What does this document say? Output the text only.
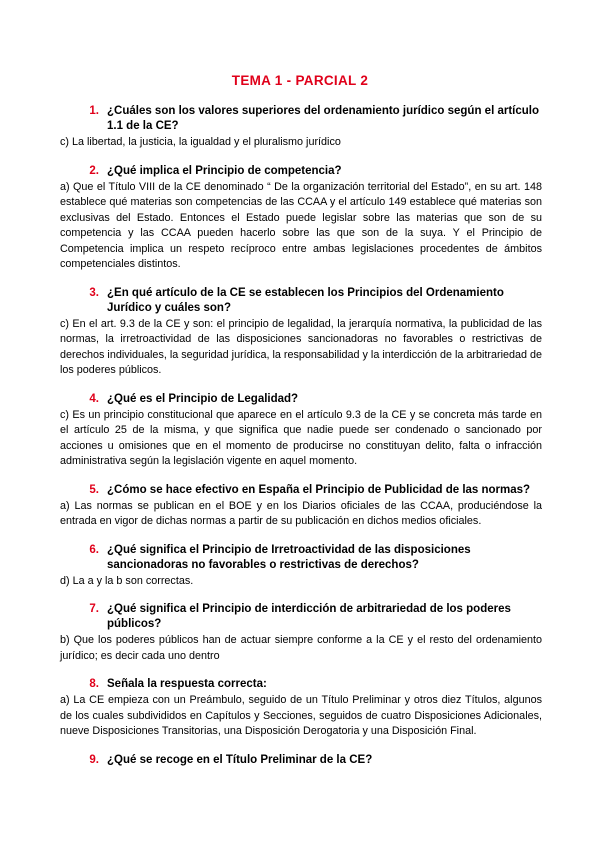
TEMA 1 - PARCIAL 2
1. ¿Cuáles son los valores superiores del ordenamiento jurídico según el artículo 1.1 de la CE?
c) La libertad, la justicia, la igualdad y el pluralismo jurídico
2. ¿Qué implica el Principio de competencia?
a) Que el Título VIII de la CE denominado “ De la organización territorial del Estado”, en su art. 148 establece qué materias son competencias de las CCAA y el artículo 149 establece qué materias son exclusivas del Estado. Entonces el Estado puede legislar sobre las materias que son de su competencia y las CCAA pueden hacerlo sobre las que son de la suya. Y el Principio de Competencia implica un respeto recíproco entre ambas legislaciones procedentes de ámbitos competenciales distintos.
3. ¿En qué artículo de la CE se establecen los Principios del Ordenamiento Jurídico y cuáles son?
c) En el art. 9.3 de la CE y son: el principio de legalidad, la jerarquía normativa, la publicidad de las normas, la irretroactividad de las disposiciones sancionadoras no favorables o restrictivas de derechos individuales, la seguridad jurídica, la responsabilidad y la interdicción de la arbitrariedad de los poderes públicos.
4. ¿Qué es el Principio de Legalidad?
c) Es un principio constitucional que aparece en el artículo 9.3 de la CE y se concreta más tarde en el artículo 25 de la misma, y que significa que nadie puede ser condenado o sancionado por acciones u omisiones que en el momento de producirse no constituyan delito, falta o infracción administrativa según la legislación vigente en aquel momento.
5. ¿Cómo se hace efectivo en España el Principio de Publicidad de las normas?
a) Las normas se publican en el BOE y en los Diarios oficiales de las CCAA, produciéndose la entrada en vigor de dichas normas a partir de su publicación en dichos medios oficiales.
6. ¿Qué significa el Principio de Irretroactividad de las disposiciones sancionadoras no favorables o restrictivas de derechos?
d) La a y la b son correctas.
7. ¿Qué significa el Principio de interdicción de arbitrariedad de los poderes públicos?
b) Que los poderes públicos han de actuar siempre conforme a la CE y el resto del ordenamiento jurídico; es decir cada uno dentro
8. Señala la respuesta correcta:
a) La CE empieza con un Preámbulo, seguido de un Título Preliminar y otros diez Títulos, algunos de los cuales subdivididos en Capítulos y Secciones, seguidos de cuatro Disposiciones Adicionales, nueve Disposiciones Transitorias, una Disposición Derogatoria y una Disposición Final.
9. ¿Qué se recoge en el Título Preliminar de la CE?
